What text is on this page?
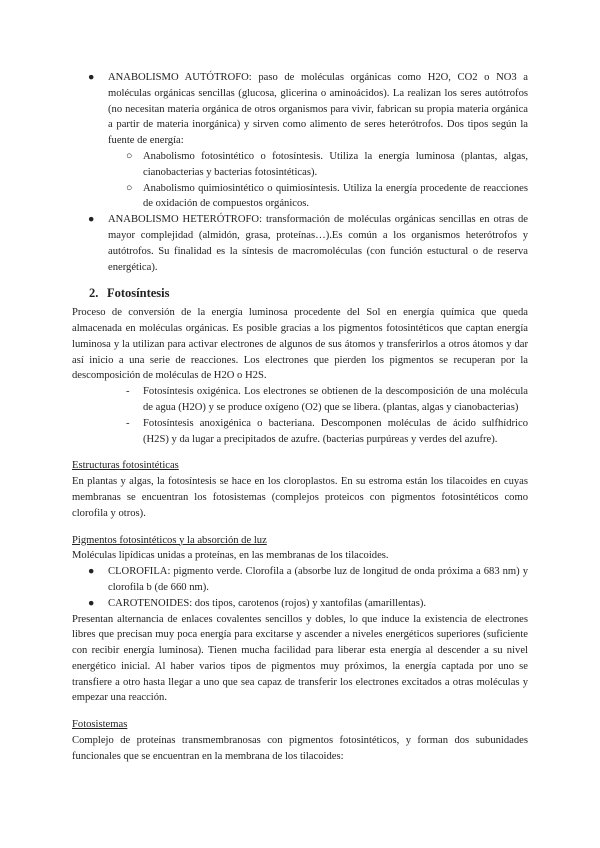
● ANABOLISMO AUTÓTROFO: paso de moléculas orgánicas como H2O, CO2 o NO3 a moléculas orgánicas sencillas (glucosa, glicerina o aminoácidos). La realizan los seres autótrofos (no necesitan materia orgánica de otros organismos para vivir, fabrican su propia materia orgánica a partir de materia inorgánica) y sirven como alimento de seres heterótrofos. Dos tipos según la fuente de energía:
○ Anabolismo fotosintético o fotosíntesis. Utiliza la energía luminosa (plantas, algas, cianobacterias y bacterias fotosintéticas).
○ Anabolismo quimiosintético o quimiosíntesis. Utiliza la energía procedente de reacciones de oxidación de compuestos orgánicos.
● ANABOLISMO HETERÓTROFO: transformación de moléculas orgánicas sencillas en otras de mayor complejidad (almidón, grasa, proteínas…).Es común a los organismos heterótrofos y autótrofos. Su finalidad es la síntesis de macromoléculas (con función estuctural o de reserva energética).
2. Fotosíntesis

Proceso de conversión de la energía luminosa procedente del Sol en energía química que queda almacenada en moléculas orgánicas. Es posible gracias a los pigmentos fotosintéticos que captan energía luminosa y la utilizan para activar electrones de algunos de sus átomos y transferirlos a otros átomos y dar así inicio a una serie de reacciones. Los electrones que pierden los pigmentos se recuperan por la descomposición de moléculas de H2O o H2S.

- Fotosíntesis oxigénica. Los electrones se obtienen de la descomposición de una molécula de agua (H2O) y se produce oxígeno (O2) que se libera. (plantas, algas y cianobacterias)
- Fotosíntesis anoxigénica o bacteriana. Descomponen moléculas de ácido sulfhídrico (H2S) y da lugar a precipitados de azufre. (bacterias purpúreas y verdes del azufre).

Estructuras fotosintéticas

En plantas y algas, la fotosíntesis se hace en los cloroplastos. En su estroma están los tilacoides en cuyas membranas se encuentran los fotosistemas (complejos proteicos con pigmentos fotosintéticos como clorofila y otros).

Pigmentos fotosintéticos y la absorción de luz

Moléculas lipídicas unidas a proteínas, en las membranas de los tilacoides.

● CLOROFILA: pigmento verde. Clorofila a (absorbe luz de longitud de onda próxima a 683 nm) y clorofila b (de 660 nm).
● CAROTENOIDES: dos tipos, carotenos (rojos) y xantofilas (amarillentas).

Presentan alternancia de enlaces covalentes sencillos y dobles, lo que induce la existencia de electrones libres que precisan muy poca energía para excitarse y ascender a niveles energéticos superiores (suficiente con recibir energía luminosa). Tienen mucha facilidad para liberar esta energía al descender a su nivel energético inicial. Al haber varios tipos de pigmentos muy próximos, la energía captada por uno se transfiere a otro hasta llegar a uno que sea capaz de transferir los electrones excitados a otras moléculas y empezar una reacción.

Fotosistemas

Complejo de proteínas transmembranosas con pigmentos fotosintéticos, y forman dos subunidades funcionales que se encuentran en la membrana de los tilacoides:
